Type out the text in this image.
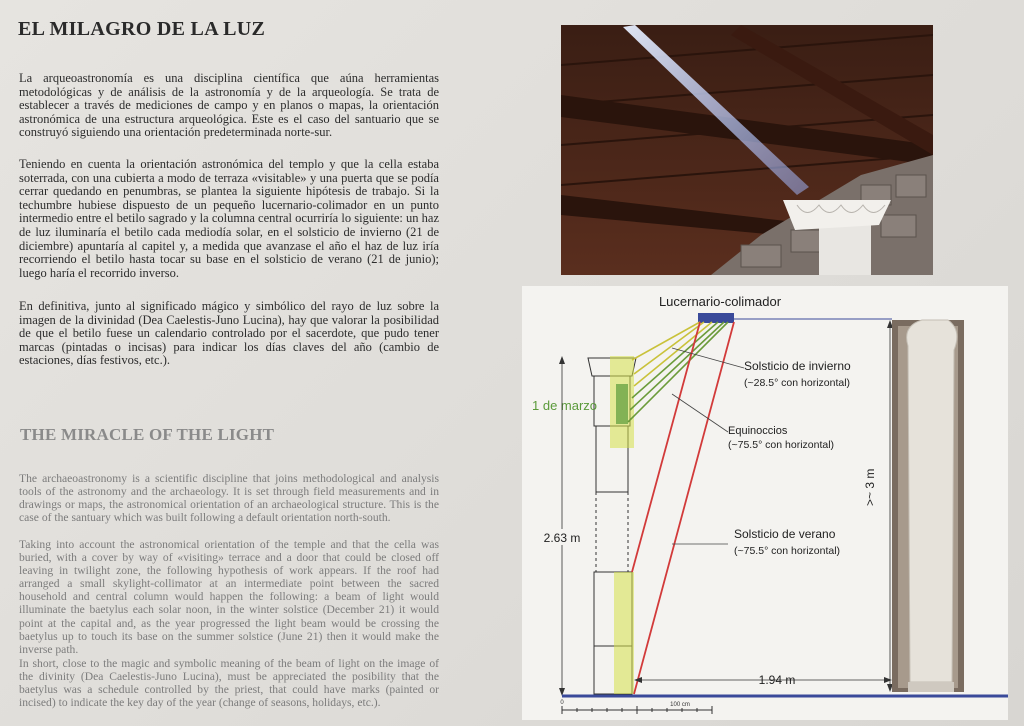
EL MILAGRO DE LA LUZ

La arqueoastronomía es una disciplina científica que aúna herramientas metodológicas y de análisis de la astronomía y de la arqueología. Se trata de establecer a través de mediciones de campo y en planos o mapas, la orientación astronómica de una estructura arqueológica. Este es el caso del santuario que se construyó siguiendo una orientación predeterminada norte-sur.

Teniendo en cuenta la orientación astronómica del templo y que la cella estaba soterrada, con una cubierta a modo de terraza «visitable» y una puerta que se podía cerrar quedando en penumbras, se plantea la siguiente hipótesis de trabajo. Si la techumbre hubiese dispuesto de un pequeño lucernario-colimador en un punto intermedio entre el betilo sagrado y la columna central ocurriría lo siguiente: un haz de luz iluminaría el betilo cada mediodía solar, en el solsticio de invierno (21 de diciembre) apuntaría al capitel y, a medida que avanzase el año el haz de luz iría recorriendo el betilo hasta tocar su base en el solsticio de verano (21 de junio); luego haría el recorrido inverso.

En definitiva, junto al significado mágico y simbólico del rayo de luz sobre la imagen de la divinidad (Dea Caelestis-Juno Lucina), hay que valorar la posibilidad de que el betilo fuese un calendario controlado por el sacerdote, que pudo tener marcas (pintadas o incisas) para indicar los días claves del año (cambio de estaciones, días festivos, etc.).

THE MIRACLE OF THE LIGHT

The archaeoastronomy is a scientific discipline that joins methodological and analysis tools of the astronomy and the archaeology. It is set through field measurements and in drawings or maps, the astronomical orientation of an archaeological structure. This is the case of the santuary which was built following a default orientation north-south.

Taking into account the astronomical orientation of the temple and that the cella was buried, with a cover by way of «visiting» terrace and a door that could be closed off leaving in twilight zone, the following hypothesis of work appears. If the roof had arranged a small skylight-collimator at an intermediate point between the sacred household and central column would happen the following: a beam of light would illuminate the baetylus each solar noon, in the winter solstice (December 21) it would point at the capital and, as the year progressed the light beam would be crossing the baetylus up to touch its base on the summer solstice (June 21) then it would make the inverse path.

In short, close to the magic and symbolic meaning of the beam of light on the image of the divinity (Dea Caelestis-Juno Lucina), must be appreciated the posibility that the baetylus was a schedule controlled by the priest, that could have marks (painted or incised) to indicate the key day of the year (change of seasons, holidays, etc.).

Lucernario-colimador
Solsticio de invierno
(~28.5° con horizontal)
Equinoccios
(~75.5° con horizontal)
Solsticio de verano
(~75.5° con horizontal)
1 de marzo
2.63 m
>~ 3 m
1.94 m
0	100 cm
